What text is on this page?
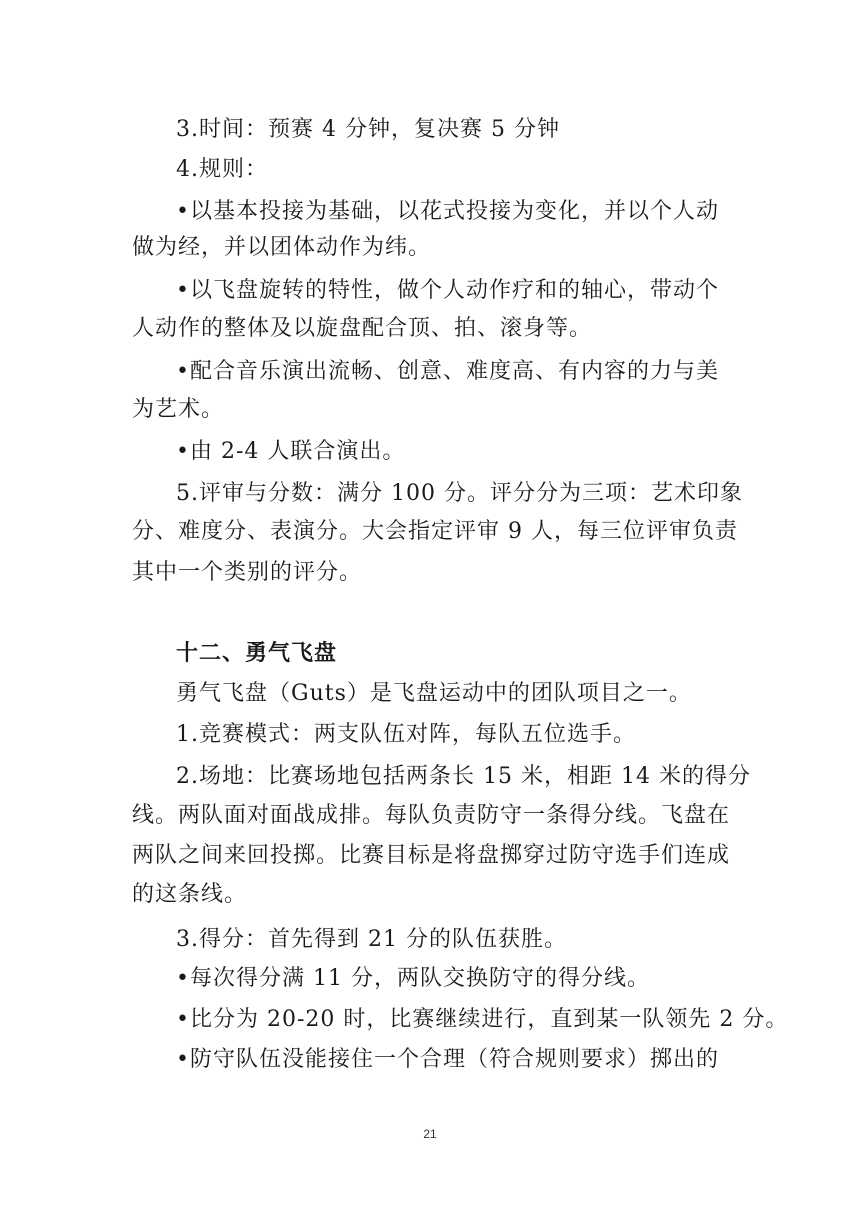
3.时间：预赛 4 分钟，复决赛 5 分钟
4.规则：
•以基本投接为基础，以花式投接为变化，并以个人动
做为经，并以团体动作为纬。
•以飞盘旋转的特性，做个人动作疗和的轴心，带动个
人动作的整体及以旋盘配合顶、拍、滚身等。
•配合音乐演出流畅、创意、难度高、有内容的力与美
为艺术。
•由 2-4 人联合演出。
5.评审与分数：满分 100 分。评分分为三项：艺术印象
分、难度分、表演分。大会指定评审 9 人，每三位评审负责
其中一个类别的评分。
十二、勇气飞盘
勇气飞盘（Guts）是飞盘运动中的团队项目之一。
1.竞赛模式：两支队伍对阵，每队五位选手。
2.场地：比赛场地包括两条长 15 米，相距 14 米的得分
线。两队面对面战成排。每队负责防守一条得分线。飞盘在
两队之间来回投掷。比赛目标是将盘掷穿过防守选手们连成
的这条线。
3.得分：首先得到 21 分的队伍获胜。
•每次得分满 11 分，两队交换防守的得分线。
•比分为 20-20 时，比赛继续进行，直到某一队领先 2 分。
•防守队伍没能接住一个合理（符合规则要求）掷出的
21
